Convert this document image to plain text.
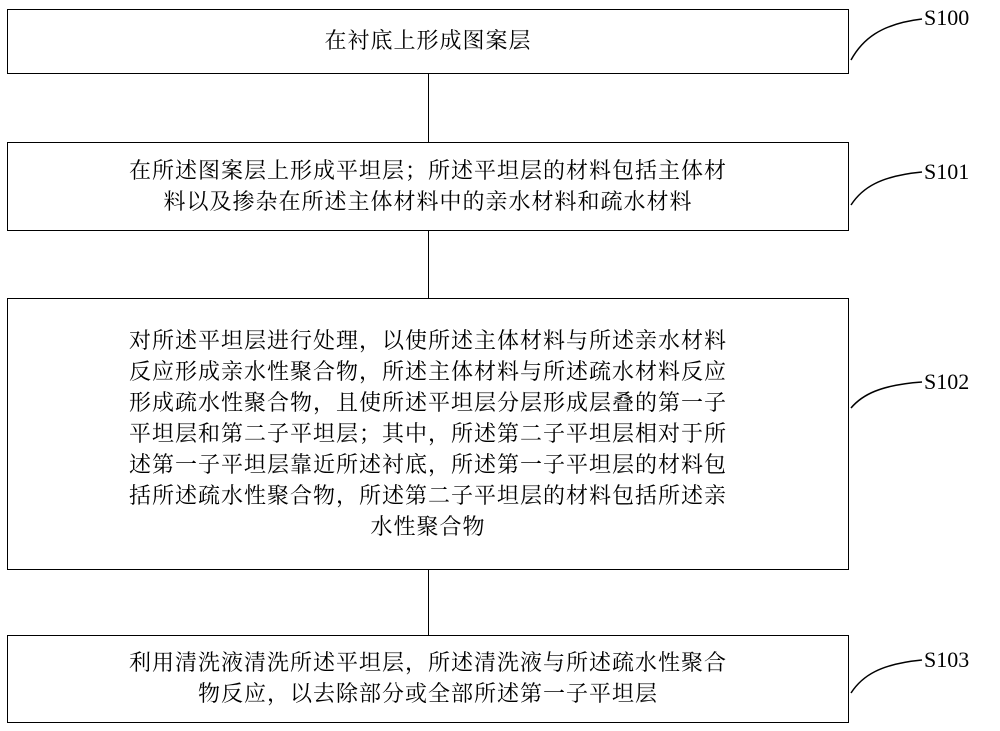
在衬底上形成图案层
在所述图案层上形成平坦层；所述平坦层的材料包括主体材
料以及掺杂在所述主体材料中的亲水材料和疏水材料
对所述平坦层进行处理，以使所述主体材料与所述亲水材料
反应形成亲水性聚合物，所述主体材料与所述疏水材料反应
形成疏水性聚合物，且使所述平坦层分层形成层叠的第一子
平坦层和第二子平坦层；其中，所述第二子平坦层相对于所
述第一子平坦层靠近所述衬底，所述第一子平坦层的材料包
括所述疏水性聚合物，所述第二子平坦层的材料包括所述亲
水性聚合物
利用清洗液清洗所述平坦层，所述清洗液与所述疏水性聚合
物反应，以去除部分或全部所述第一子平坦层
S100
S101
S102
S103
